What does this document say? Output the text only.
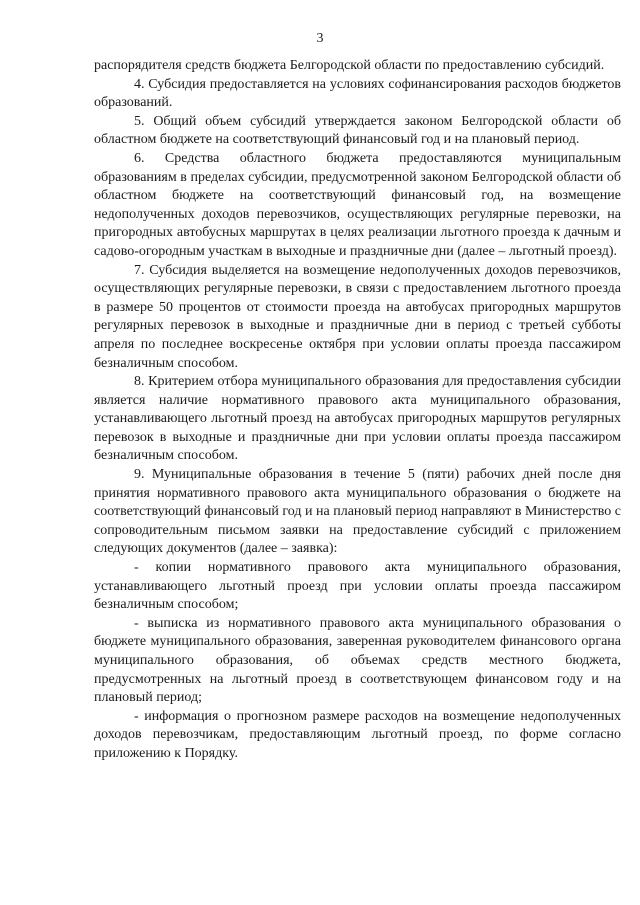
3

распорядителя средств бюджета Белгородской области по предоставлению субсидий.

4. Субсидия предоставляется на условиях софинансирования расходов бюджетов образований.

5. Общий объем субсидий утверждается законом Белгородской области об областном бюджете на соответствующий финансовый год и на плановый период.

6. Средства областного бюджета предоставляются муниципальным образованиям в пределах субсидии, предусмотренной законом Белгородской области об областном бюджете на соответствующий финансовый год, на возмещение недополученных доходов перевозчиков, осуществляющих регулярные перевозки, на пригородных автобусных маршрутах в целях реализации льготного проезда к дачным и садово-огородным участкам в выходные и праздничные дни (далее – льготный проезд).

7. Субсидия выделяется на возмещение недополученных доходов перевозчиков, осуществляющих регулярные перевозки, в связи с предоставлением льготного проезда в размере 50 процентов от стоимости проезда на автобусах пригородных маршрутов регулярных перевозок в выходные и праздничные дни в период с третьей субботы апреля по последнее воскресенье октября при условии оплаты проезда пассажиром безналичным способом.

8. Критерием отбора муниципального образования для предоставления субсидии является наличие нормативного правового акта муниципального образования, устанавливающего льготный проезд на автобусах пригородных маршрутов регулярных перевозок в выходные и праздничные дни при условии оплаты проезда пассажиром безналичным способом.

9. Муниципальные образования в течение 5 (пяти) рабочих дней после дня принятия нормативного правового акта муниципального образования о бюджете на соответствующий финансовый год и на плановый период направляют в Министерство с сопроводительным письмом заявки на предоставление субсидий с приложением следующих документов (далее – заявка):

- копии нормативного правового акта муниципального образования, устанавливающего льготный проезд при условии оплаты проезда пассажиром безналичным способом;

- выписка из нормативного правового акта муниципального образования о бюджете муниципального образования, заверенная руководителем финансового органа муниципального образования, об объемах средств местного бюджета, предусмотренных на льготный проезд в соответствующем финансовом году и на плановый период;

- информация о прогнозном размере расходов на возмещение недополученных доходов перевозчикам, предоставляющим льготный проезд, по форме согласно приложению к Порядку.
